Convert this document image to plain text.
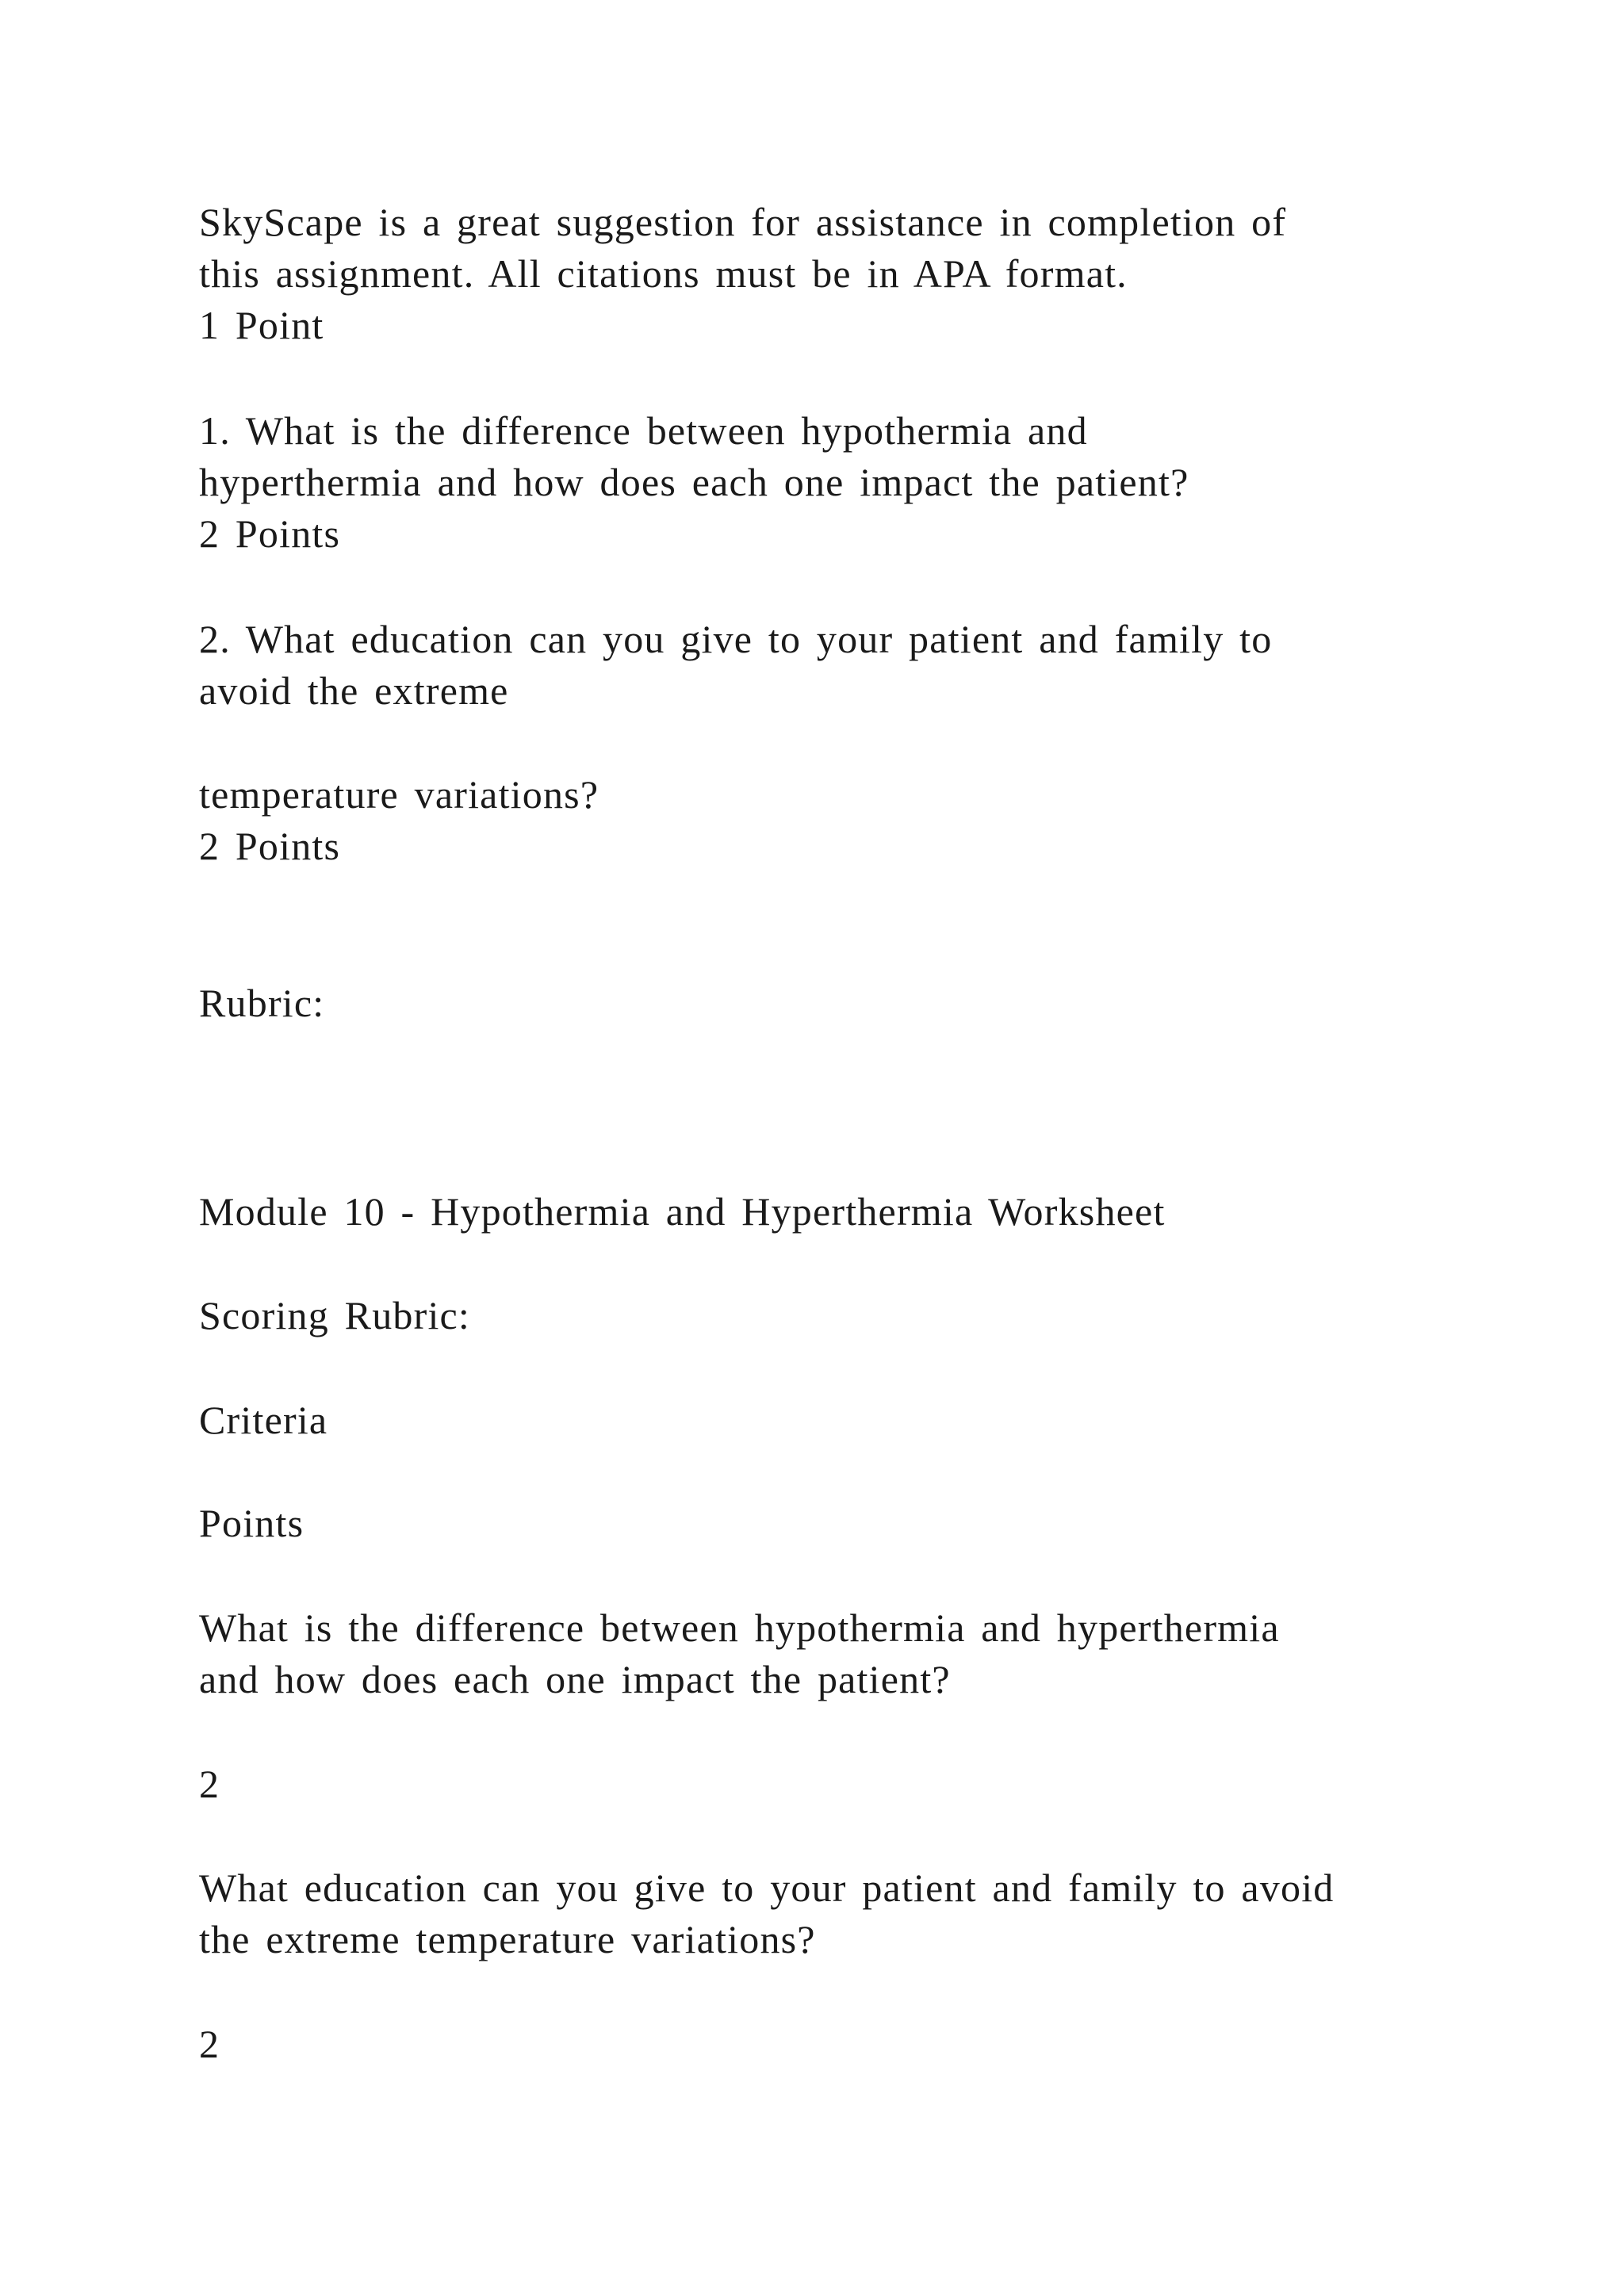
SkyScape is a great suggestion for assistance in completion of
this assignment. All citations must be in APA format.
1 Point
1. What is the difference between hypothermia and
hyperthermia and how does each one impact the patient?
2 Points
2. What education can you give to your patient and family to
avoid the extreme
temperature variations?
2 Points
Rubric:
Module 10 - Hypothermia and Hyperthermia Worksheet
Scoring Rubric:
Criteria
Points
What is the difference between hypothermia and hyperthermia
and how does each one impact the patient?
2
What education can you give to your patient and family to avoid
the extreme temperature variations?
2
